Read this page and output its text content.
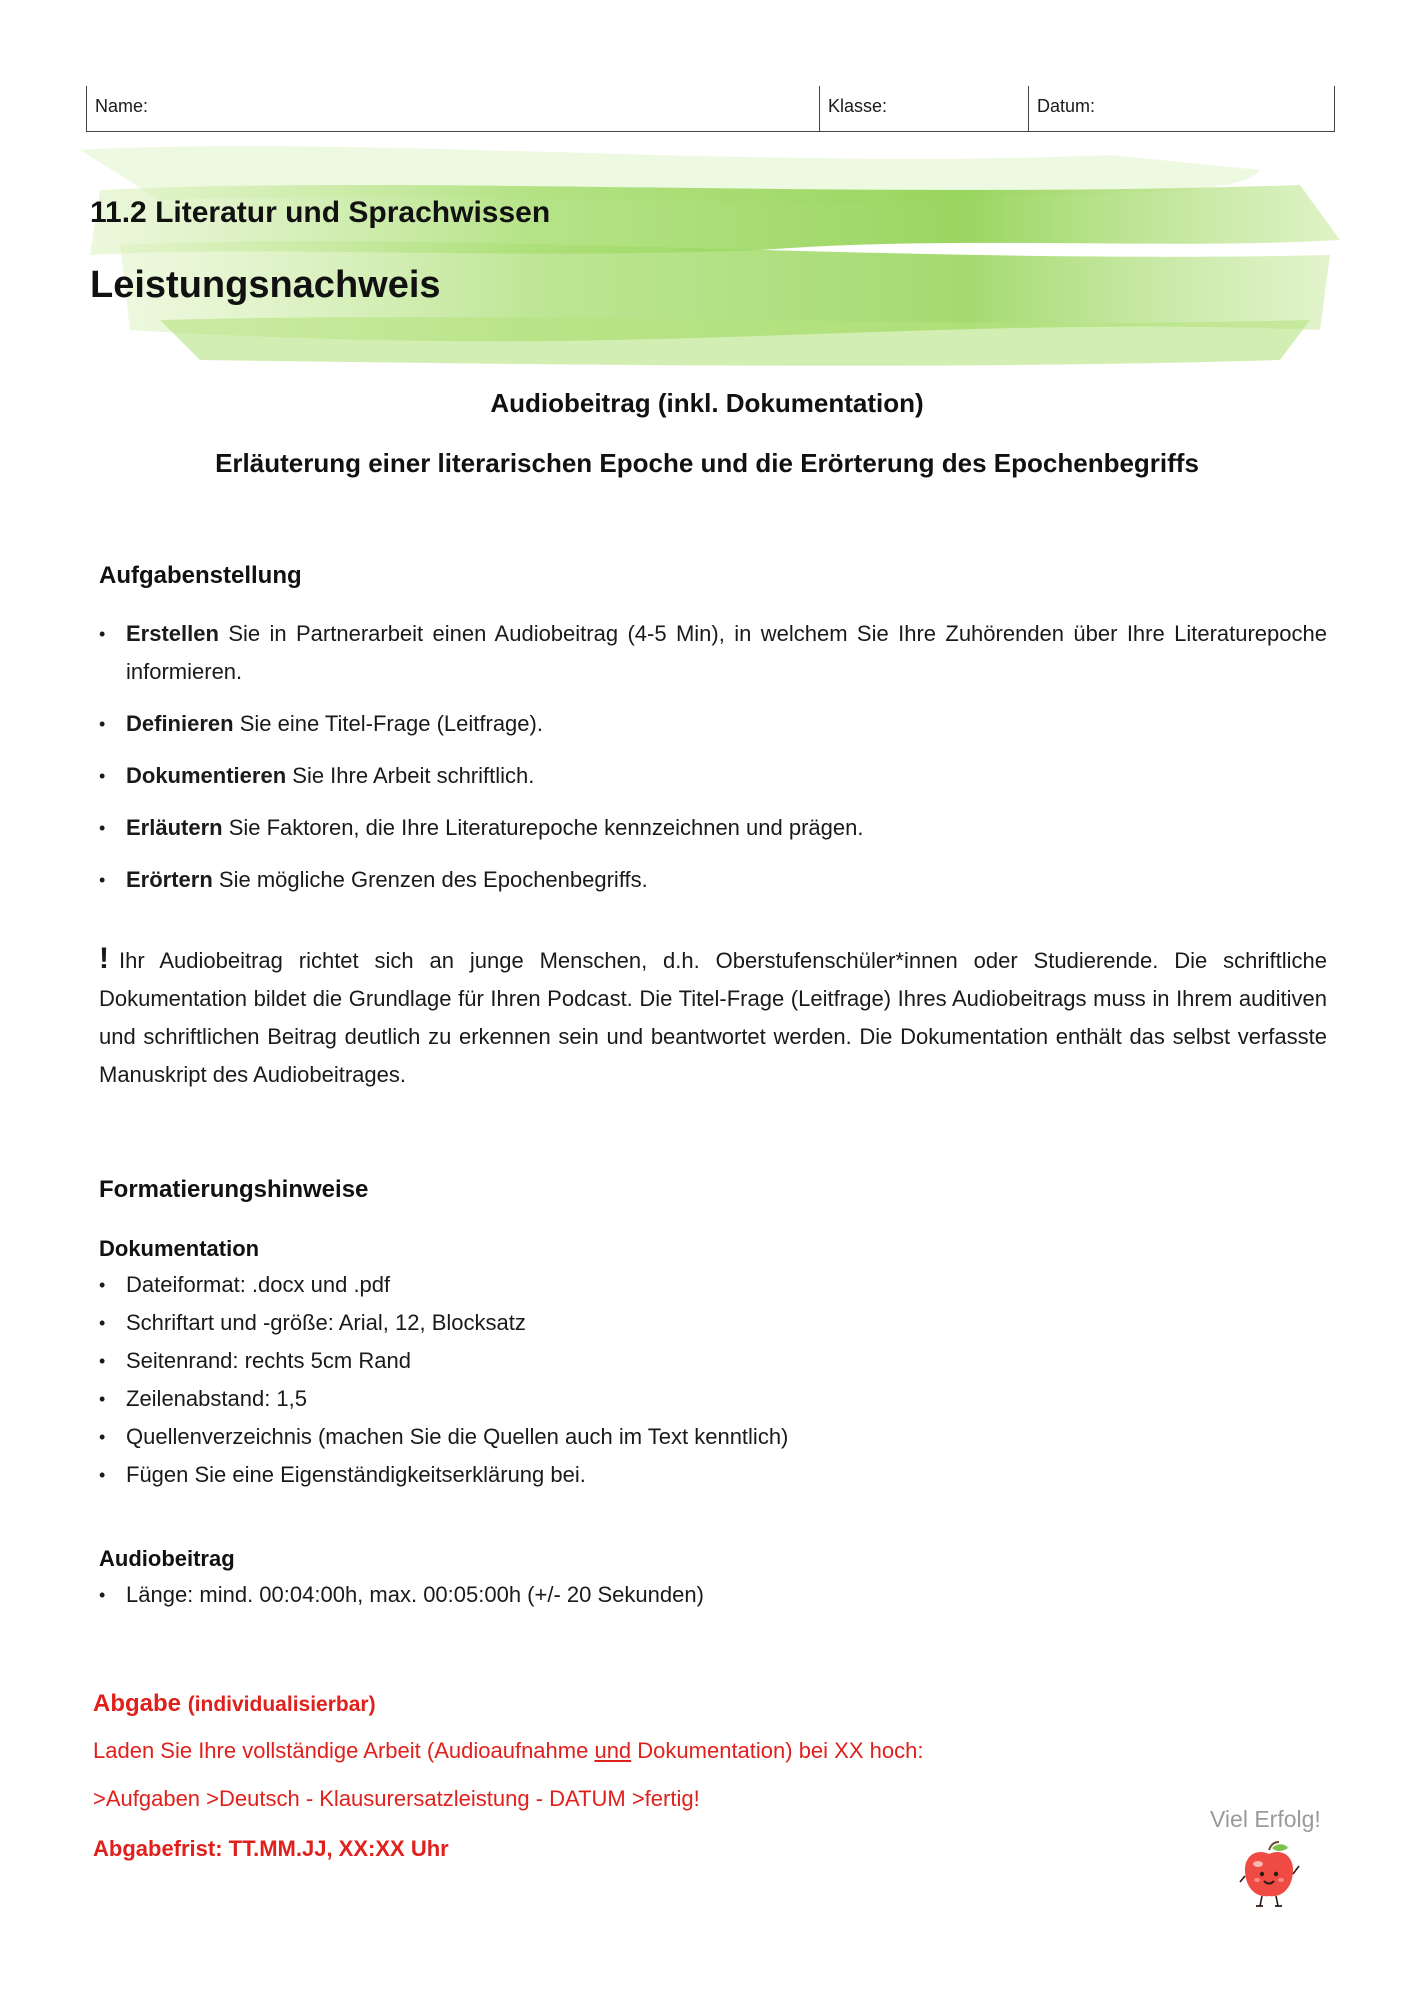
Name:	Klasse:	Datum:
11.2 Literatur und Sprachwissen
Leistungsnachweis
Audiobeitrag (inkl. Dokumentation)
Erläuterung einer literarischen Epoche und die Erörterung des Epochenbegriffs
Aufgabenstellung
• Erstellen Sie in Partnerarbeit einen Audiobeitrag (4-5 Min), in welchem Sie Ihre Zuhörenden über Ihre Literaturepoche informieren.
• Definieren Sie eine Titel-Frage (Leitfrage).
• Dokumentieren Sie Ihre Arbeit schriftlich.
• Erläutern Sie Faktoren, die Ihre Literaturepoche kennzeichnen und prägen.
• Erörtern Sie mögliche Grenzen des Epochenbegriffs.
! Ihr Audiobeitrag richtet sich an junge Menschen, d.h. Oberstufenschüler*innen oder Studierende. Die schriftliche Dokumentation bildet die Grundlage für Ihren Podcast. Die Titel-Frage (Leitfrage) Ihres Audiobeitrags muss in Ihrem auditiven und schriftlichen Beitrag deutlich zu erkennen sein und beantwortet werden. Die Dokumentation enthält das selbst verfasste Manuskript des Audiobeitrages.
Formatierungshinweise
Dokumentation
• Dateiformat: .docx und .pdf
• Schriftart und -größe: Arial, 12, Blocksatz
• Seitenrand: rechts 5cm Rand
• Zeilenabstand: 1,5
• Quellenverzeichnis (machen Sie die Quellen auch im Text kenntlich)
• Fügen Sie eine Eigenständigkeitserklärung bei.
Audiobeitrag
• Länge: mind. 00:04:00h, max. 00:05:00h (+/- 20 Sekunden)
Abgabe (individualisierbar)
Laden Sie Ihre vollständige Arbeit (Audioaufnahme und Dokumentation) bei XX hoch:
>Aufgaben >Deutsch - Klausurersatzleistung - DATUM >fertig!
Abgabefrist: TT.MM.JJ, XX:XX Uhr
Viel Erfolg!
